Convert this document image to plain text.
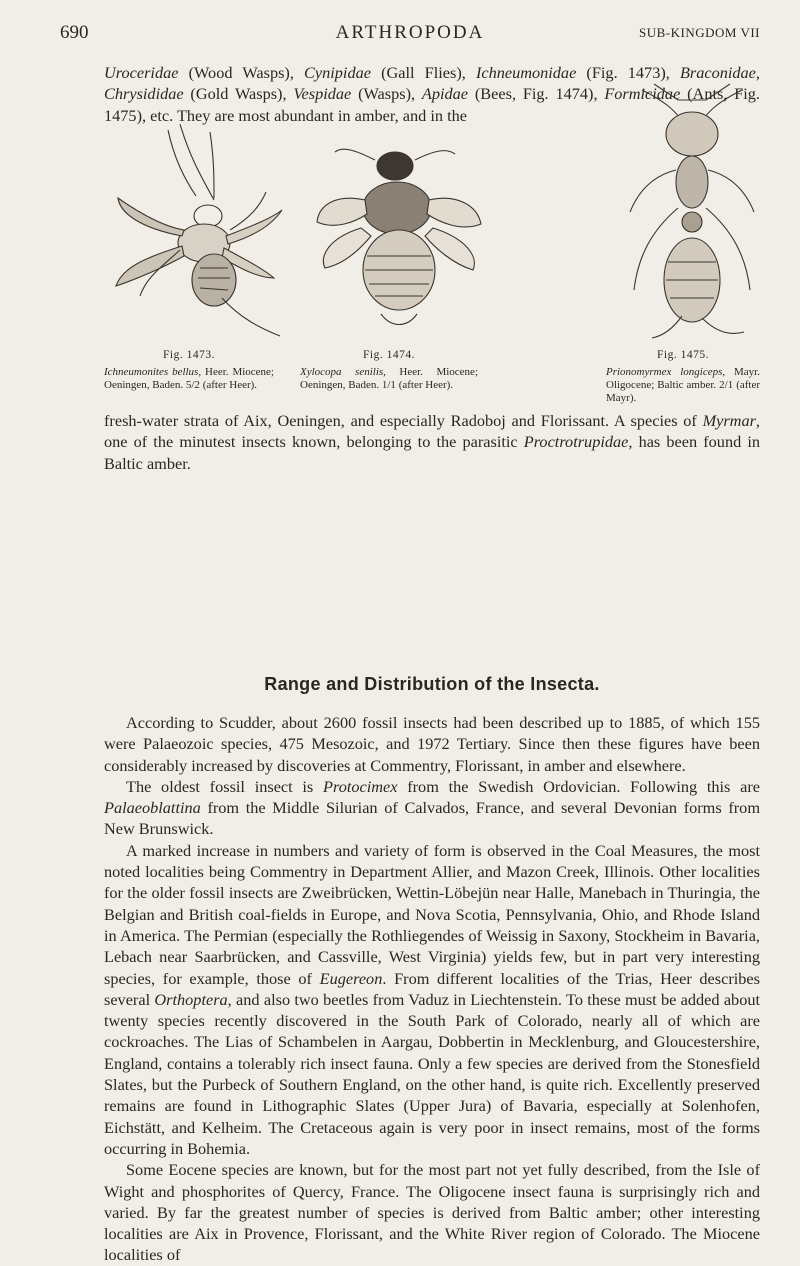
690	ARTHROPODA	SUB-KINGDOM VII

Uroceridae (Wood Wasps), Cynipidae (Gall Flies), Ichneumonidae (Fig. 1473), Braconidae, Chrysididae (Gold Wasps), Vespidae (Wasps), Apidae (Bees, Fig. 1474), Formicidae (Ants, Fig. 1475), etc. They are most abundant in amber, and in the

Fig. 1473.
Ichneumonites bellus, Heer. Miocene; Oeningen, Baden. 5/2 (after Heer).
Fig. 1474.
Xylocopa senilis, Heer. Miocene; Oeningen, Baden. 1/1 (after Heer).
Fig. 1475.
Prionomyrmex longiceps, Mayr. Oligocene; Baltic amber. 2/1 (after Mayr).

fresh-water strata of Aix, Oeningen, and especially Radoboj and Florissant. A species of Myrmar, one of the minutest insects known, belonging to the parasitic Proctrotrupidae, has been found in Baltic amber.

Range and Distribution of the Insecta.

According to Scudder, about 2600 fossil insects had been described up to 1885, of which 155 were Palaeozoic species, 475 Mesozoic, and 1972 Tertiary. Since then these figures have been considerably increased by discoveries at Commentry, Florissant, in amber and elsewhere.

The oldest fossil insect is Protocimex from the Swedish Ordovician. Following this are Palaeoblattina from the Middle Silurian of Calvados, France, and several Devonian forms from New Brunswick.

A marked increase in numbers and variety of form is observed in the Coal Measures, the most noted localities being Commentry in Department Allier, and Mazon Creek, Illinois. Other localities for the older fossil insects are Zweibrücken, Wettin-Löbejün near Halle, Manebach in Thuringia, the Belgian and British coal-fields in Europe, and Nova Scotia, Pennsylvania, Ohio, and Rhode Island in America. The Permian (especially the Rothliegendes of Weissig in Saxony, Stockheim in Bavaria, Lebach near Saarbrücken, and Cassville, West Virginia) yields few, but in part very interesting species, for example, those of Eugereon. From different localities of the Trias, Heer describes several Orthoptera, and also two beetles from Vaduz in Liechtenstein. To these must be added about twenty species recently discovered in the South Park of Colorado, nearly all of which are cockroaches. The Lias of Schambelen in Aargau, Dobbertin in Mecklenburg, and Gloucestershire, England, contains a tolerably rich insect fauna. Only a few species are derived from the Stonesfield Slates, but the Purbeck of Southern England, on the other hand, is quite rich. Excellently preserved remains are found in Lithographic Slates (Upper Jura) of Bavaria, especially at Solenhofen, Eichstätt, and Kelheim. The Cretaceous again is very poor in insect remains, most of the forms occurring in Bohemia.

Some Eocene species are known, but for the most part not yet fully described, from the Isle of Wight and phosphorites of Quercy, France. The Oligocene insect fauna is surprisingly rich and varied. By far the greatest number of species is derived from Baltic amber; other interesting localities are Aix in Provence, Florissant, and the White River region of Colorado. The Miocene localities of
